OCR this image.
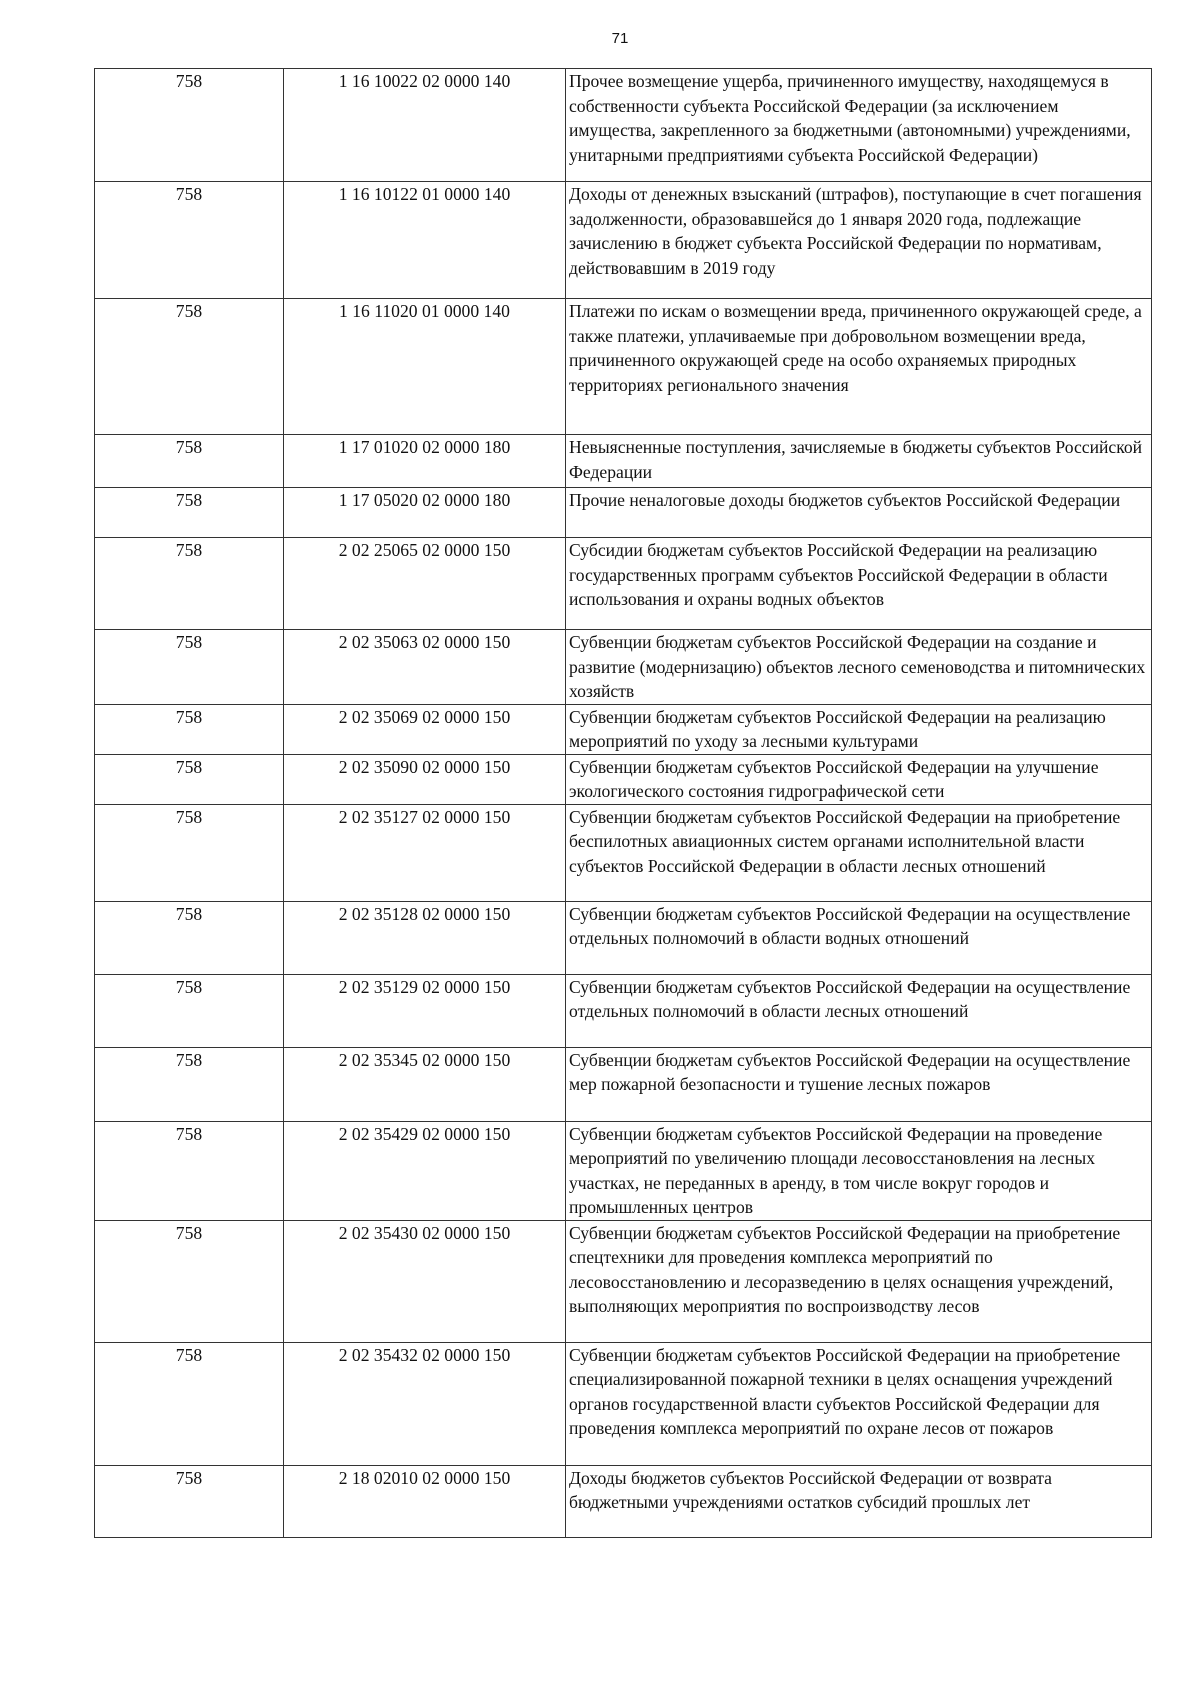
71
758	1 16 10022 02 0000 140	Прочее возмещение ущерба, причиненного имуществу, находящемуся в собственности субъекта Российской Федерации (за исключением имущества, закрепленного за бюджетными (автономными) учреждениями, унитарными предприятиями субъекта Российской Федерации)
758	1 16 10122 01 0000 140	Доходы от денежных взысканий (штрафов), поступающие в счет погашения задолженности, образовавшейся до 1 января 2020 года, подлежащие зачислению в бюджет субъекта Российской Федерации по нормативам, действовавшим в 2019 году
758	1 16 11020 01 0000 140	Платежи по искам о возмещении вреда, причиненного окружающей среде, а также платежи, уплачиваемые при добровольном возмещении вреда, причиненного окружающей среде на особо охраняемых природных территориях регионального значения
758	1 17 01020 02 0000 180	Невыясненные поступления, зачисляемые в бюджеты субъектов Российской Федерации
758	1 17 05020 02 0000 180	Прочие неналоговые доходы бюджетов субъектов Российской Федерации
758	2 02 25065 02 0000 150	Субсидии бюджетам субъектов Российской Федерации на реализацию государственных программ субъектов Российской Федерации в области использования и охраны водных объектов
758	2 02 35063 02 0000 150	Субвенции бюджетам субъектов Российской Федерации на создание и развитие (модернизацию) объектов лесного семеноводства и питомнических хозяйств
758	2 02 35069 02 0000 150	Субвенции бюджетам субъектов Российской Федерации на реализацию мероприятий по уходу за лесными культурами
758	2 02 35090 02 0000 150	Субвенции бюджетам субъектов Российской Федерации на улучшение экологического состояния гидрографической сети
758	2 02 35127 02 0000 150	Субвенции бюджетам субъектов Российской Федерации на приобретение беспилотных авиационных систем органами исполнительной власти субъектов Российской Федерации в области лесных отношений
758	2 02 35128 02 0000 150	Субвенции бюджетам субъектов Российской Федерации на осуществление отдельных полномочий в области водных отношений
758	2 02 35129 02 0000 150	Субвенции бюджетам субъектов Российской Федерации на осуществление отдельных полномочий в области лесных отношений
758	2 02 35345 02 0000 150	Субвенции бюджетам субъектов Российской Федерации на осуществление мер пожарной безопасности и тушение лесных пожаров
758	2 02 35429 02 0000 150	Субвенции бюджетам субъектов Российской Федерации на проведение мероприятий по увеличению площади лесовосстановления на лесных участках, не переданных в аренду, в том числе вокруг городов и промышленных центров
758	2 02 35430 02 0000 150	Субвенции бюджетам субъектов Российской Федерации на приобретение спецтехники для проведения комплекса мероприятий по лесовосстановлению и лесоразведению в целях оснащения учреждений, выполняющих мероприятия по воспроизводству лесов
758	2 02 35432 02 0000 150	Субвенции бюджетам субъектов Российской Федерации на приобретение специализированной пожарной техники в целях оснащения учреждений органов государственной власти субъектов Российской Федерации для проведения комплекса мероприятий по охране лесов от пожаров
758	2 18 02010 02 0000 150	Доходы бюджетов субъектов Российской Федерации от возврата бюджетными учреждениями остатков субсидий прошлых лет
